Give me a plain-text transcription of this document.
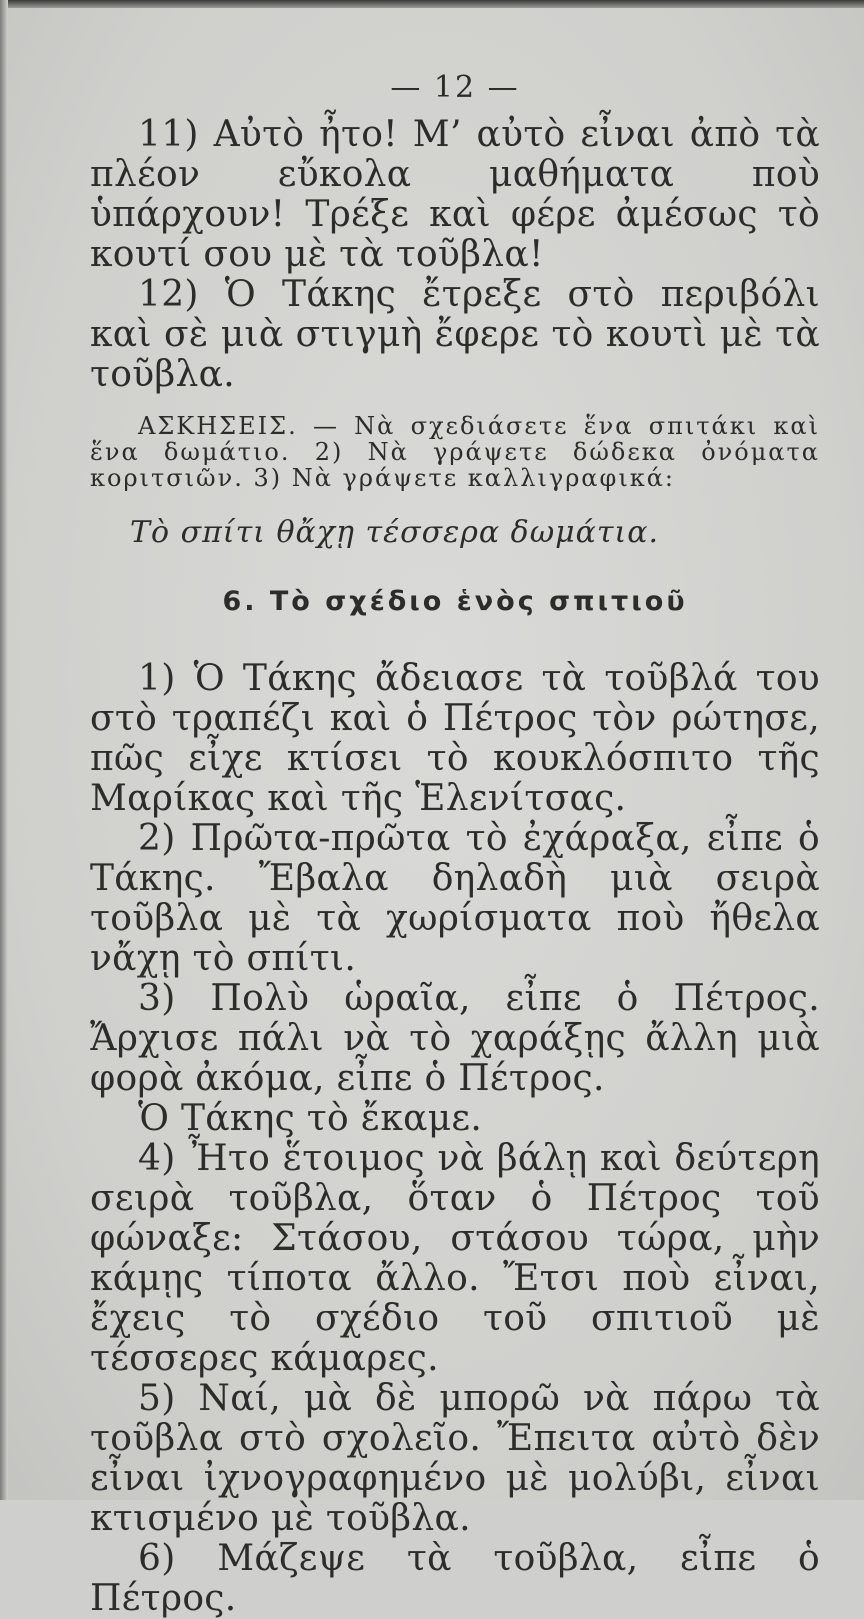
— 12 —

11) Αὐτὸ ἦτο! Μ’ αὐτὸ εἶναι ἀπὸ τὰ πλέον εὔκολα μαθήματα ποὺ ὑπάρχουν! Τρέξε καὶ φέρε ἀμέσως τὸ κουτί σου μὲ τὰ τοῦβλα!

12) Ὁ Τάκης ἔτρεξε στὸ περιβόλι καὶ σὲ μιὰ στιγμὴ ἔφερε τὸ κουτὶ μὲ τὰ τοῦβλα.

ΑΣΚΗΣΕΙΣ. — Νὰ σχεδιάσετε ἕνα σπιτάκι καὶ ἕνα δωμάτιο. 2) Νὰ γράψετε δώδεκα ὀνόματα κοριτσιῶν. 3) Νὰ γράψετε καλλιγραφικά:

Τὸ σπίτι θἄχῃ τέσσερα δωμάτια.
6. Τὸ σχέδιο ἑνὸς σπιτιοῦ

1) Ὁ Τάκης ἄδειασε τὰ τοῦβλά του στὸ τραπέζι καὶ ὁ Πέτρος τὸν ρώτησε, πῶς εἶχε κτίσει τὸ κουκλόσπιτο τῆς Μαρίκας καὶ τῆς Ἑλενίτσας.

2) Πρῶτα-πρῶτα τὸ ἐχάραξα, εἶπε ὁ Τάκης. Ἔβαλα δηλαδὴ μιὰ σειρὰ τοῦβλα μὲ τὰ χωρίσματα ποὺ ἤθελα νἄχῃ τὸ σπίτι.

3) Πολὺ ὡραῖα, εἶπε ὁ Πέτρος. Ἄρχισε πάλι νὰ τὸ χαράξῃς ἄλλη μιὰ φορὰ ἀκόμα, εἶπε ὁ Πέτρος.

Ὁ Τάκης τὸ ἔκαμε.

4) Ἦτο ἕτοιμος νὰ βάλῃ καὶ δεύτερη σειρὰ τοῦβλα, ὅταν ὁ Πέτρος τοῦ φώναξε: Στάσου, στάσου τώρα, μὴν κάμῃς τίποτα ἄλλο. Ἔτσι ποὺ εἶναι, ἔχεις τὸ σχέδιο τοῦ σπιτιοῦ μὲ τέσσερες κάμαρες.

5) Ναί, μὰ δὲ μπορῶ νὰ πάρω τὰ τοῦβλα στὸ σχολεῖο. Ἔπειτα αὐτὸ δὲν εἶναι ἰχνογραφημένο μὲ μολύβι, εἶναι κτισμένο μὲ τοῦβλα.

6) Μάζεψε τὰ τοῦβλα, εἶπε ὁ Πέτρος.
